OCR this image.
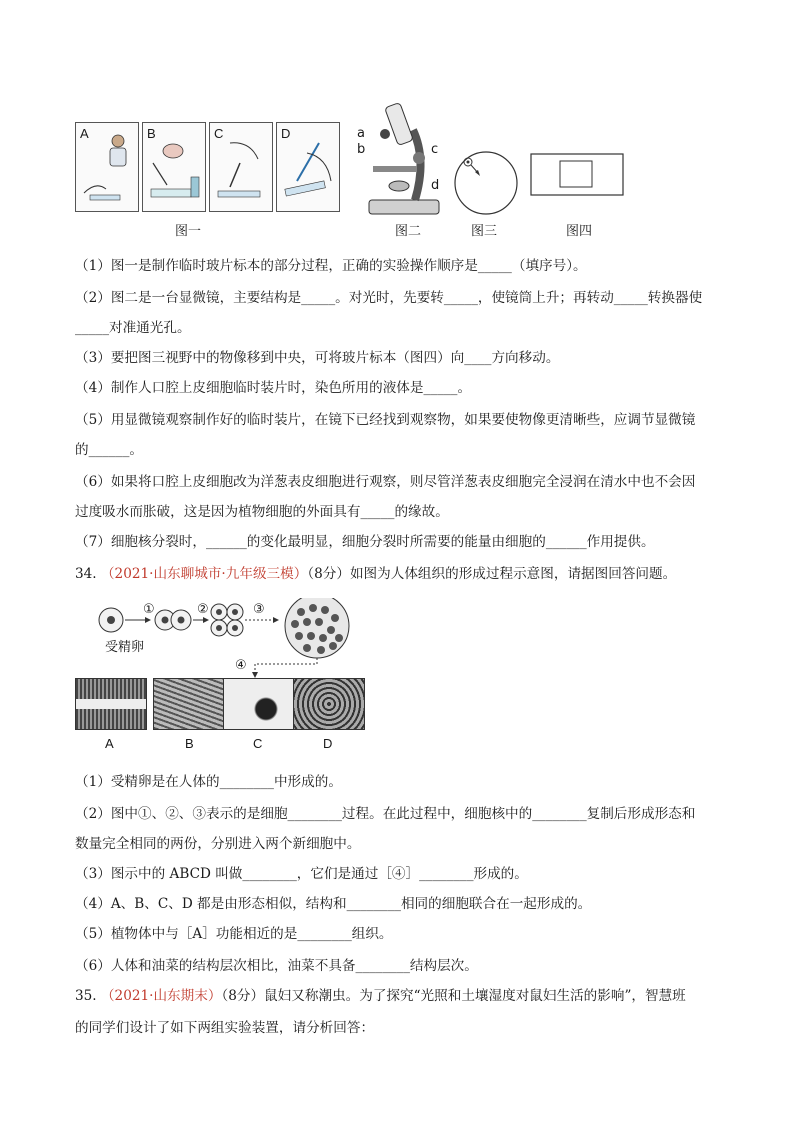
A	B	C	D
图一
a
b	c
d
图二	图三	图四
（1）图一是制作临时玻片标本的部分过程，正确的实验操作顺序是_____（填序号）。
（2）图二是一台显微镜，主要结构是_____。对光时，先要转_____，使镜筒上升；再转动_____转换器使
_____对准通光孔。
（3）要把图三视野中的物像移到中央，可将玻片标本（图四）向____方向移动。
（4）制作人口腔上皮细胞临时装片时，染色所用的液体是_____。
（5）用显微镜观察制作好的临时装片，在镜下已经找到观察物，如果要使物像更清晰些，应调节显微镜
的______。
（6）如果将口腔上皮细胞改为洋葱表皮细胞进行观察，则尽管洋葱表皮细胞完全浸润在清水中也不会因
过度吸水而胀破，这是因为植物细胞的外面具有_____的缘故。
（7）细胞核分裂时，______的变化最明显，细胞分裂时所需要的能量由细胞的______作用提供。
34. （2021·山东聊城市·九年级三模）（8分）如图为人体组织的形成过程示意图，请据图回答问题。
①	②	③
④
受精卵
A	B	C	D
（1）受精卵是在人体的________中形成的。
（2）图中①、②、③表示的是细胞________过程。在此过程中，细胞核中的________复制后形成形态和
数量完全相同的两份，分别进入两个新细胞中。
（3）图示中的 ABCD 叫做________，它们是通过［④］________形成的。
（4）A、B、C、D 都是由形态相似，结构和________相同的细胞联合在一起形成的。
（5）植物体中与［A］功能相近的是________组织。
（6）人体和油菜的结构层次相比，油菜不具备________结构层次。
35. （2021·山东期末）（8分）鼠妇又称潮虫。为了探究“光照和土壤湿度对鼠妇生活的影响”，智慧班
的同学们设计了如下两组实验装置，请分析回答：
